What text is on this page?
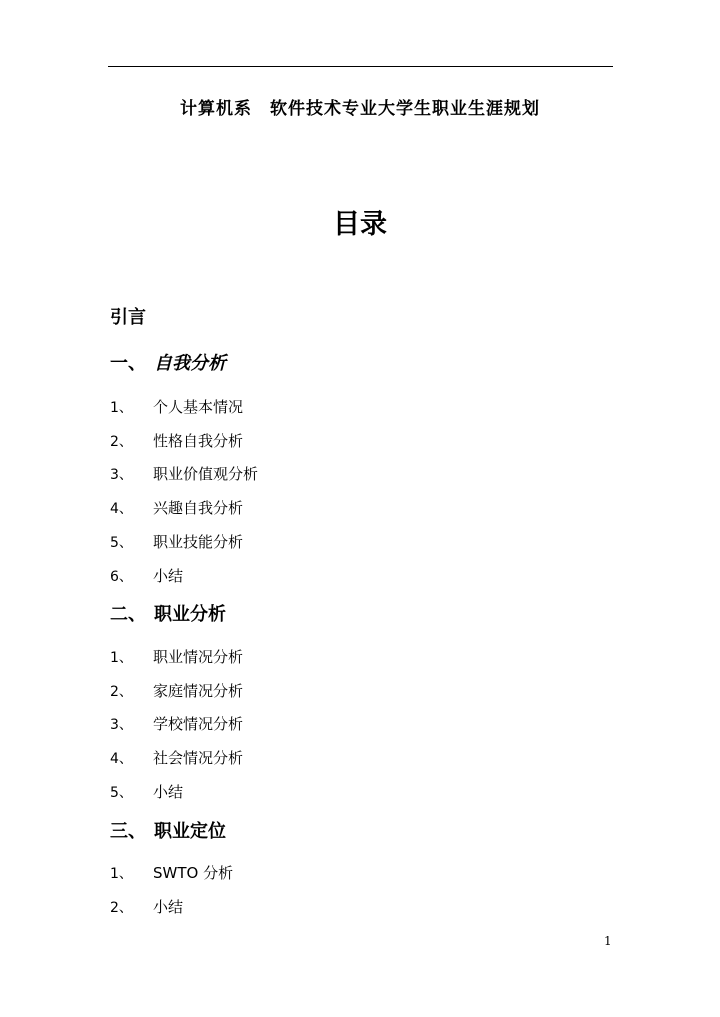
计算机系　软件技术专业大学生职业生涯规划
目录
引言
一、 自我分析
1、 个人基本情况
2、 性格自我分析
3、 职业价值观分析
4、 兴趣自我分析
5、 职业技能分析
6、 小结
二、 职业分析
1、 职业情况分析
2、 家庭情况分析
3、 学校情况分析
4、 社会情况分析
5、 小结
三、 职业定位
1、 SWTO 分析
2、 小结
1
